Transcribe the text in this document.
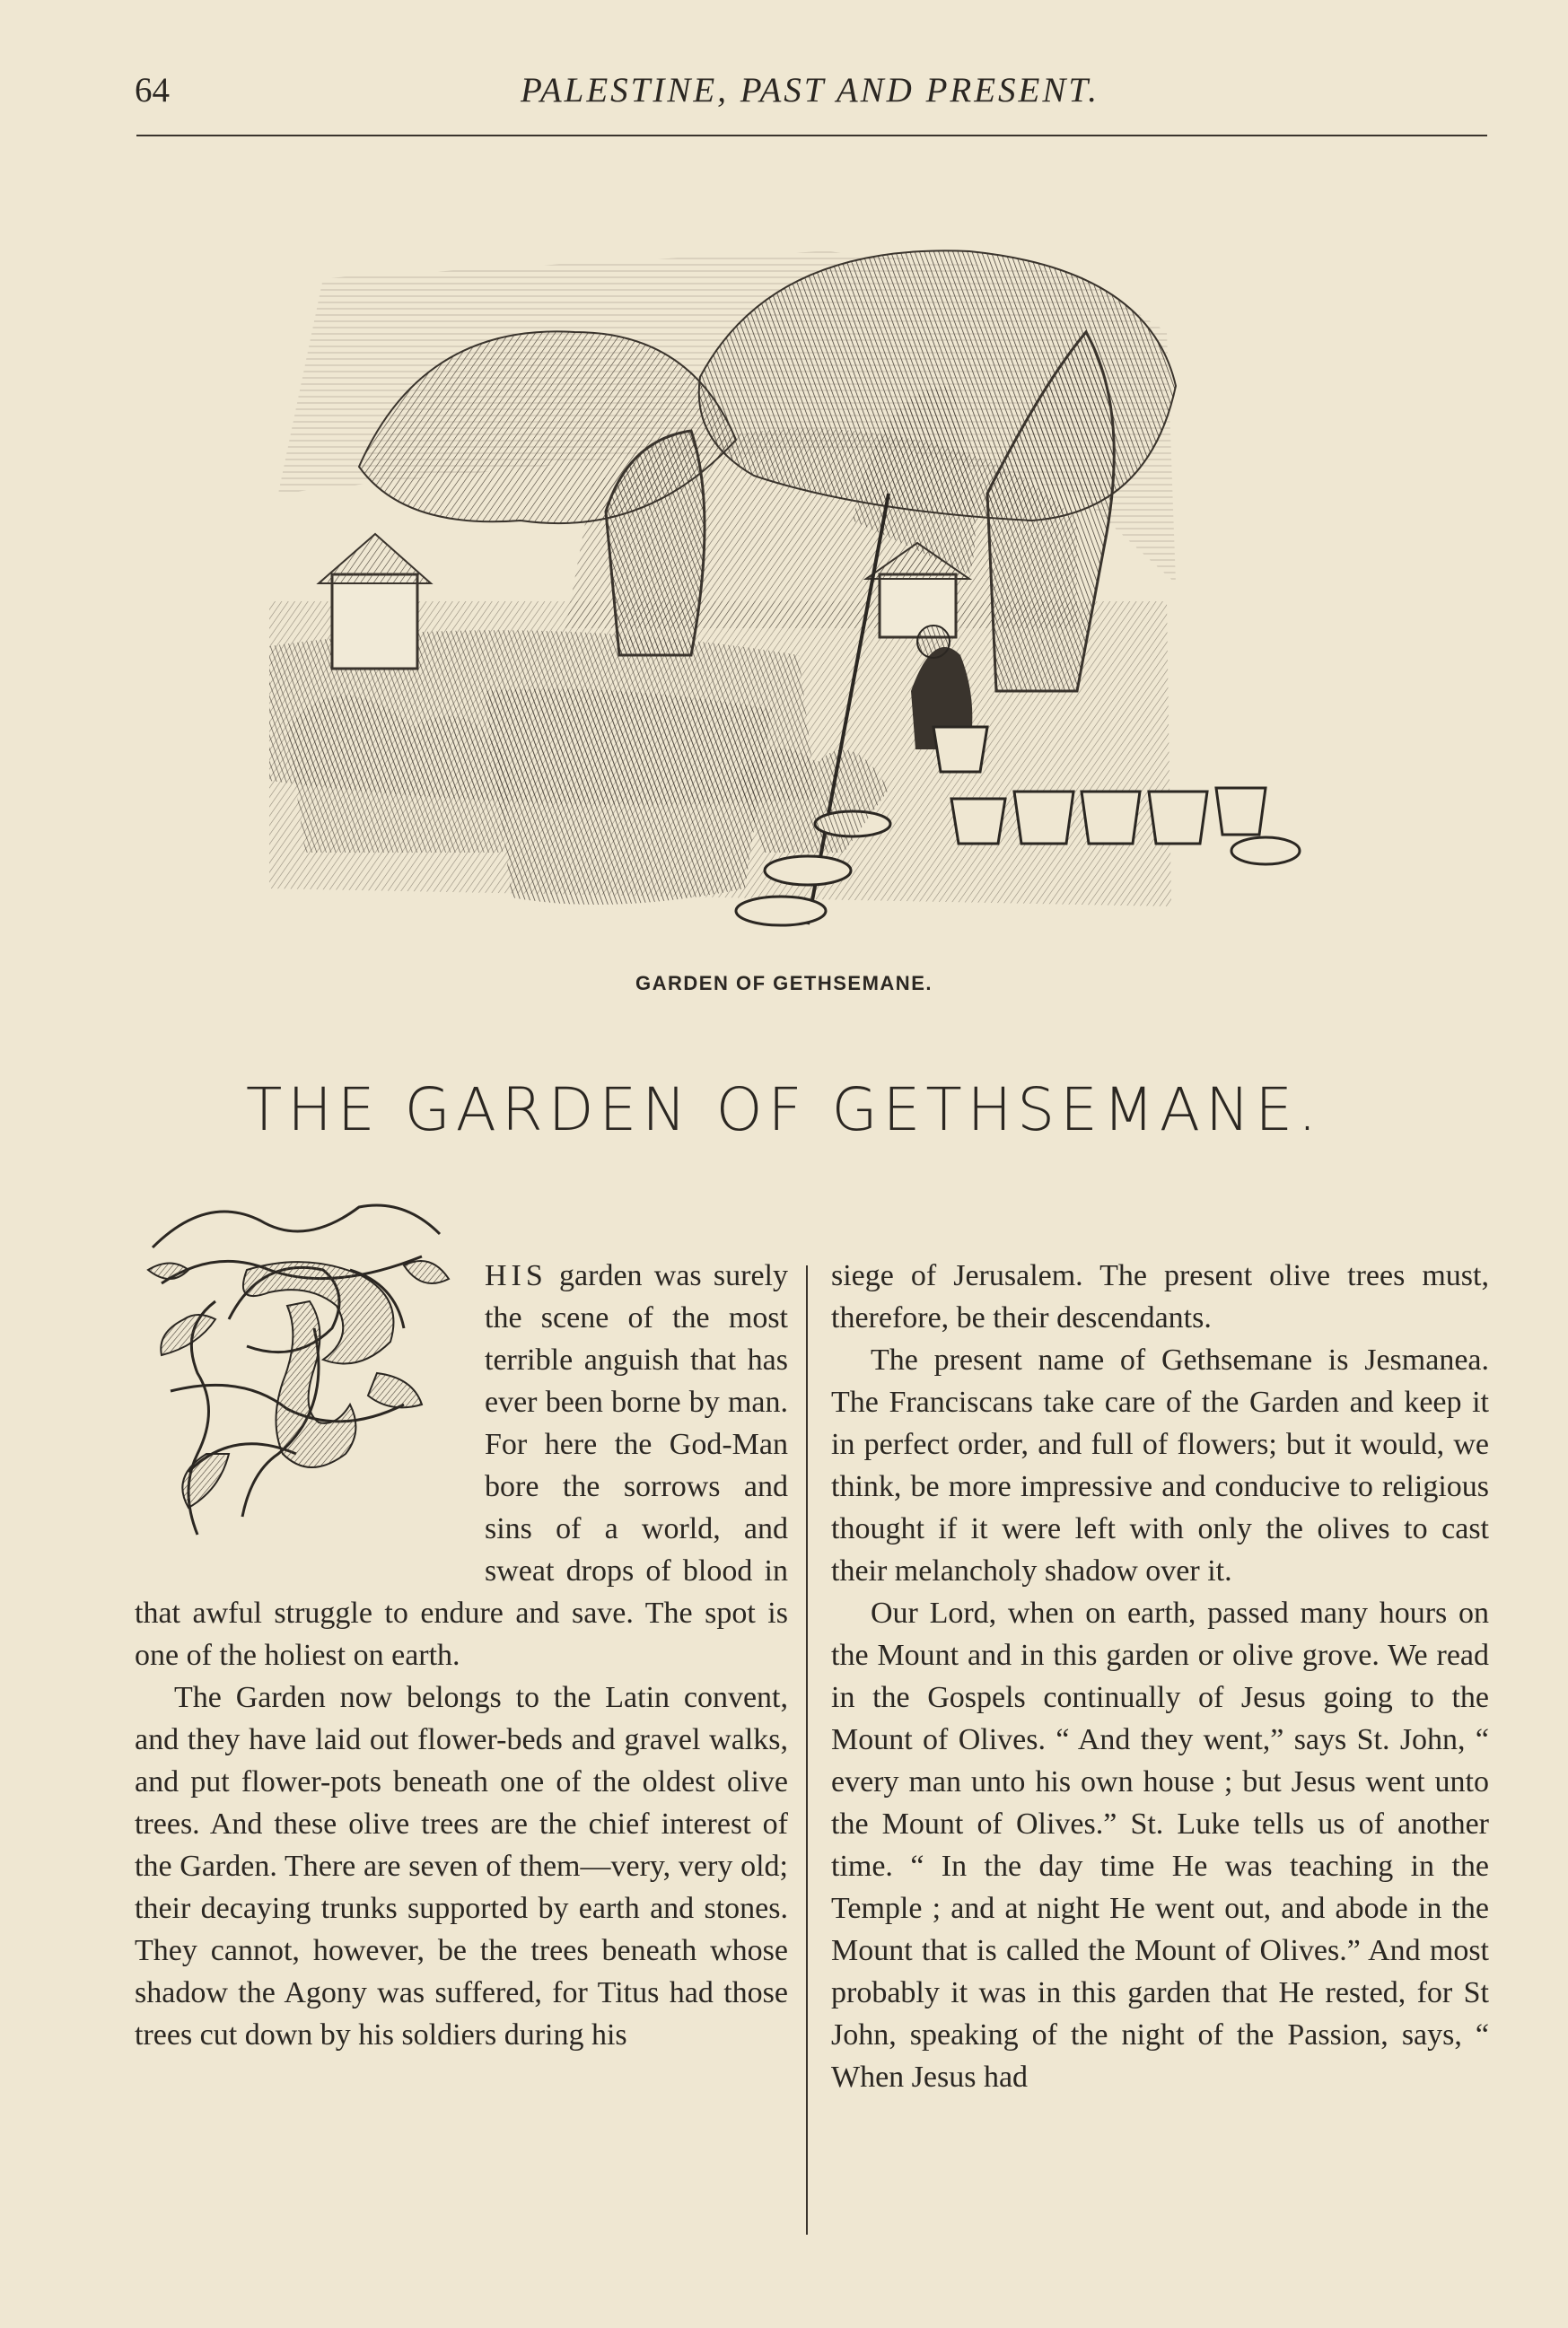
64	PALESTINE, PAST AND PRESENT.
GARDEN OF GETHSEMANE.
THE GARDEN OF GETHSEMANE.

HIS garden was surely the scene of the most terrible anguish that has ever been borne by man. For here the God-Man bore the sorrows and sins of a world, and sweat drops of blood in that awful struggle to endure and save. The spot is one of the holiest on earth.

The Garden now belongs to the Latin convent, and they have laid out flower-beds and gravel walks, and put flower-pots beneath one of the oldest olive trees. And these olive trees are the chief interest of the Garden. There are seven of them—very, very old; their decaying trunks supported by earth and stones. They cannot, however, be the trees beneath whose shadow the Agony was suffered, for Titus had those trees cut down by his soldiers during his

siege of Jerusalem. The present olive trees must, therefore, be their descendants.

The present name of Gethsemane is Jesmanea. The Franciscans take care of the Garden and keep it in perfect order, and full of flowers; but it would, we think, be more impressive and conducive to religious thought if it were left with only the olives to cast their melancholy shadow over it.

Our Lord, when on earth, passed many hours on the Mount and in this garden or olive grove. We read in the Gospels continually of Jesus going to the Mount of Olives. “ And they went,” says St. John, “ every man unto his own house ; but Jesus went unto the Mount of Olives.” St. Luke tells us of another time. “ In the day time He was teaching in the Temple ; and at night He went out, and abode in the Mount that is called the Mount of Olives.” And most probably it was in this garden that He rested, for St John, speaking of the night of the Passion, says, “ When Jesus had
